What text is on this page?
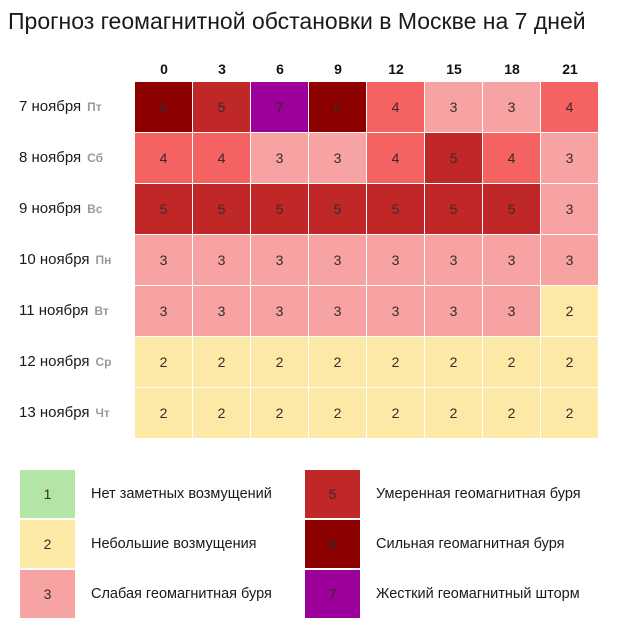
Прогноз геомагнитной обстановки в Москве на 7 дней
0	3	6	9	12	15	18	21
7 ноября Пт	6	5	7	6	4	3	3	4
8 ноября Сб	4	4	3	3	4	5	4	3
9 ноября Вс	5	5	5	5	5	5	5	3
10 ноября Пн	3	3	3	3	3	3	3	3
11 ноября Вт	3	3	3	3	3	3	3	2
12 ноября Ср	2	2	2	2	2	2	2	2
13 ноября Чт	2	2	2	2	2	2	2	2
1	Нет заметных возмущений
2	Небольшие возмущения
3	Слабая геомагнитная буря
5	Умеренная геомагнитная буря
6	Сильная геомагнитная буря
7	Жесткий геомагнитный шторм
